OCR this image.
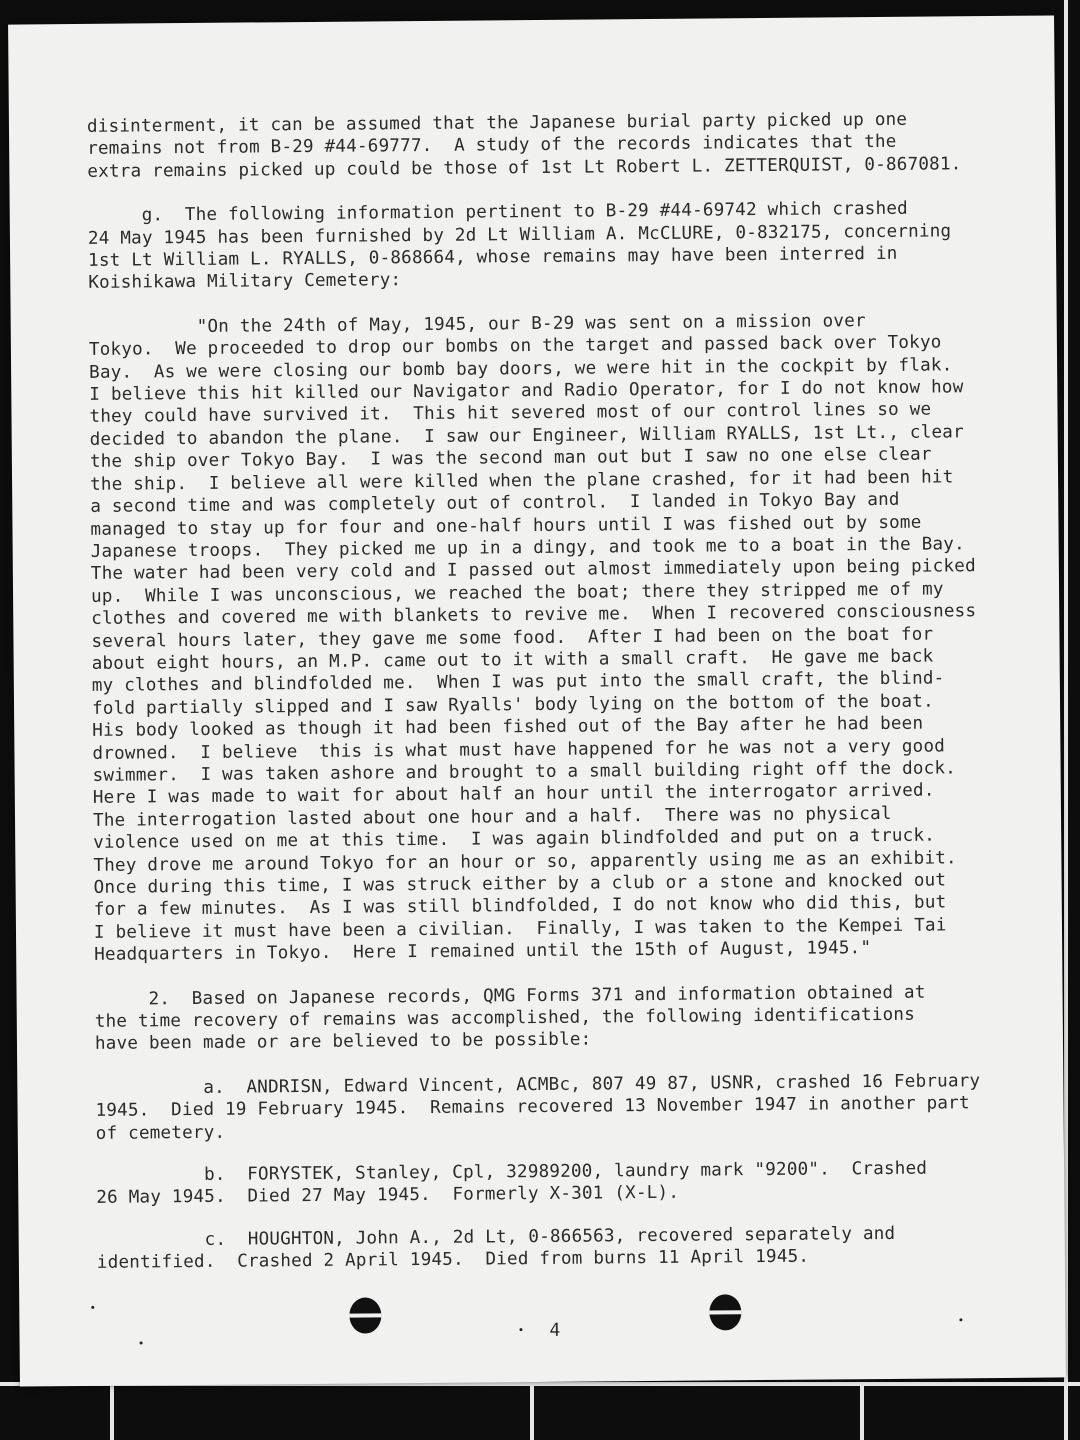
disinterment, it can be assumed that the Japanese burial party picked up one
remains not from B-29 #44-69777.  A study of the records indicates that the
extra remains picked up could be those of 1st Lt Robert L. ZETTERQUIST, 0-867081.
g.  The following information pertinent to B-29 #44-69742 which crashed
24 May 1945 has been furnished by 2d Lt William A. McCLURE, 0-832175, concerning
1st Lt William L. RYALLS, 0-868664, whose remains may have been interred in
Koishikawa Military Cemetery:
"On the 24th of May, 1945, our B-29 was sent on a mission over
Tokyo.  We proceeded to drop our bombs on the target and passed back over Tokyo
Bay.  As we were closing our bomb bay doors, we were hit in the cockpit by flak.
I believe this hit killed our Navigator and Radio Operator, for I do not know how
they could have survived it.  This hit severed most of our control lines so we
decided to abandon the plane.  I saw our Engineer, William RYALLS, 1st Lt., clear
the ship over Tokyo Bay.  I was the second man out but I saw no one else clear
the ship.  I believe all were killed when the plane crashed, for it had been hit
a second time and was completely out of control.  I landed in Tokyo Bay and
managed to stay up for four and one-half hours until I was fished out by some
Japanese troops.  They picked me up in a dingy, and took me to a boat in the Bay.
The water had been very cold and I passed out almost immediately upon being picked
up.  While I was unconscious, we reached the boat; there they stripped me of my
clothes and covered me with blankets to revive me.  When I recovered consciousness
several hours later, they gave me some food.  After I had been on the boat for
about eight hours, an M.P. came out to it with a small craft.  He gave me back
my clothes and blindfolded me.  When I was put into the small craft, the blind-
fold partially slipped and I saw Ryalls' body lying on the bottom of the boat.
His body looked as though it had been fished out of the Bay after he had been
drowned.  I believe  this is what must have happened for he was not a very good
swimmer.  I was taken ashore and brought to a small building right off the dock.
Here I was made to wait for about half an hour until the interrogator arrived.
The interrogation lasted about one hour and a half.  There was no physical
violence used on me at this time.  I was again blindfolded and put on a truck.
They drove me around Tokyo for an hour or so, apparently using me as an exhibit.
Once during this time, I was struck either by a club or a stone and knocked out
for a few minutes.  As I was still blindfolded, I do not know who did this, but
I believe it must have been a civilian.  Finally, I was taken to the Kempei Tai
Headquarters in Tokyo.  Here I remained until the 15th of August, 1945."
2.  Based on Japanese records, QMG Forms 371 and information obtained at
the time recovery of remains was accomplished, the following identifications
have been made or are believed to be possible:
a.  ANDRISN, Edward Vincent, ACMBc, 807 49 87, USNR, crashed 16 February
1945.  Died 19 February 1945.  Remains recovered 13 November 1947 in another part
of cemetery.
b.  FORYSTEK, Stanley, Cpl, 32989200, laundry mark "9200".  Crashed
26 May 1945.  Died 27 May 1945.  Formerly X-301 (X-L).
c.  HOUGHTON, John A., 2d Lt, 0-866563, recovered separately and
identified.  Crashed 2 April 1945.  Died from burns 11 April 1945.
4
